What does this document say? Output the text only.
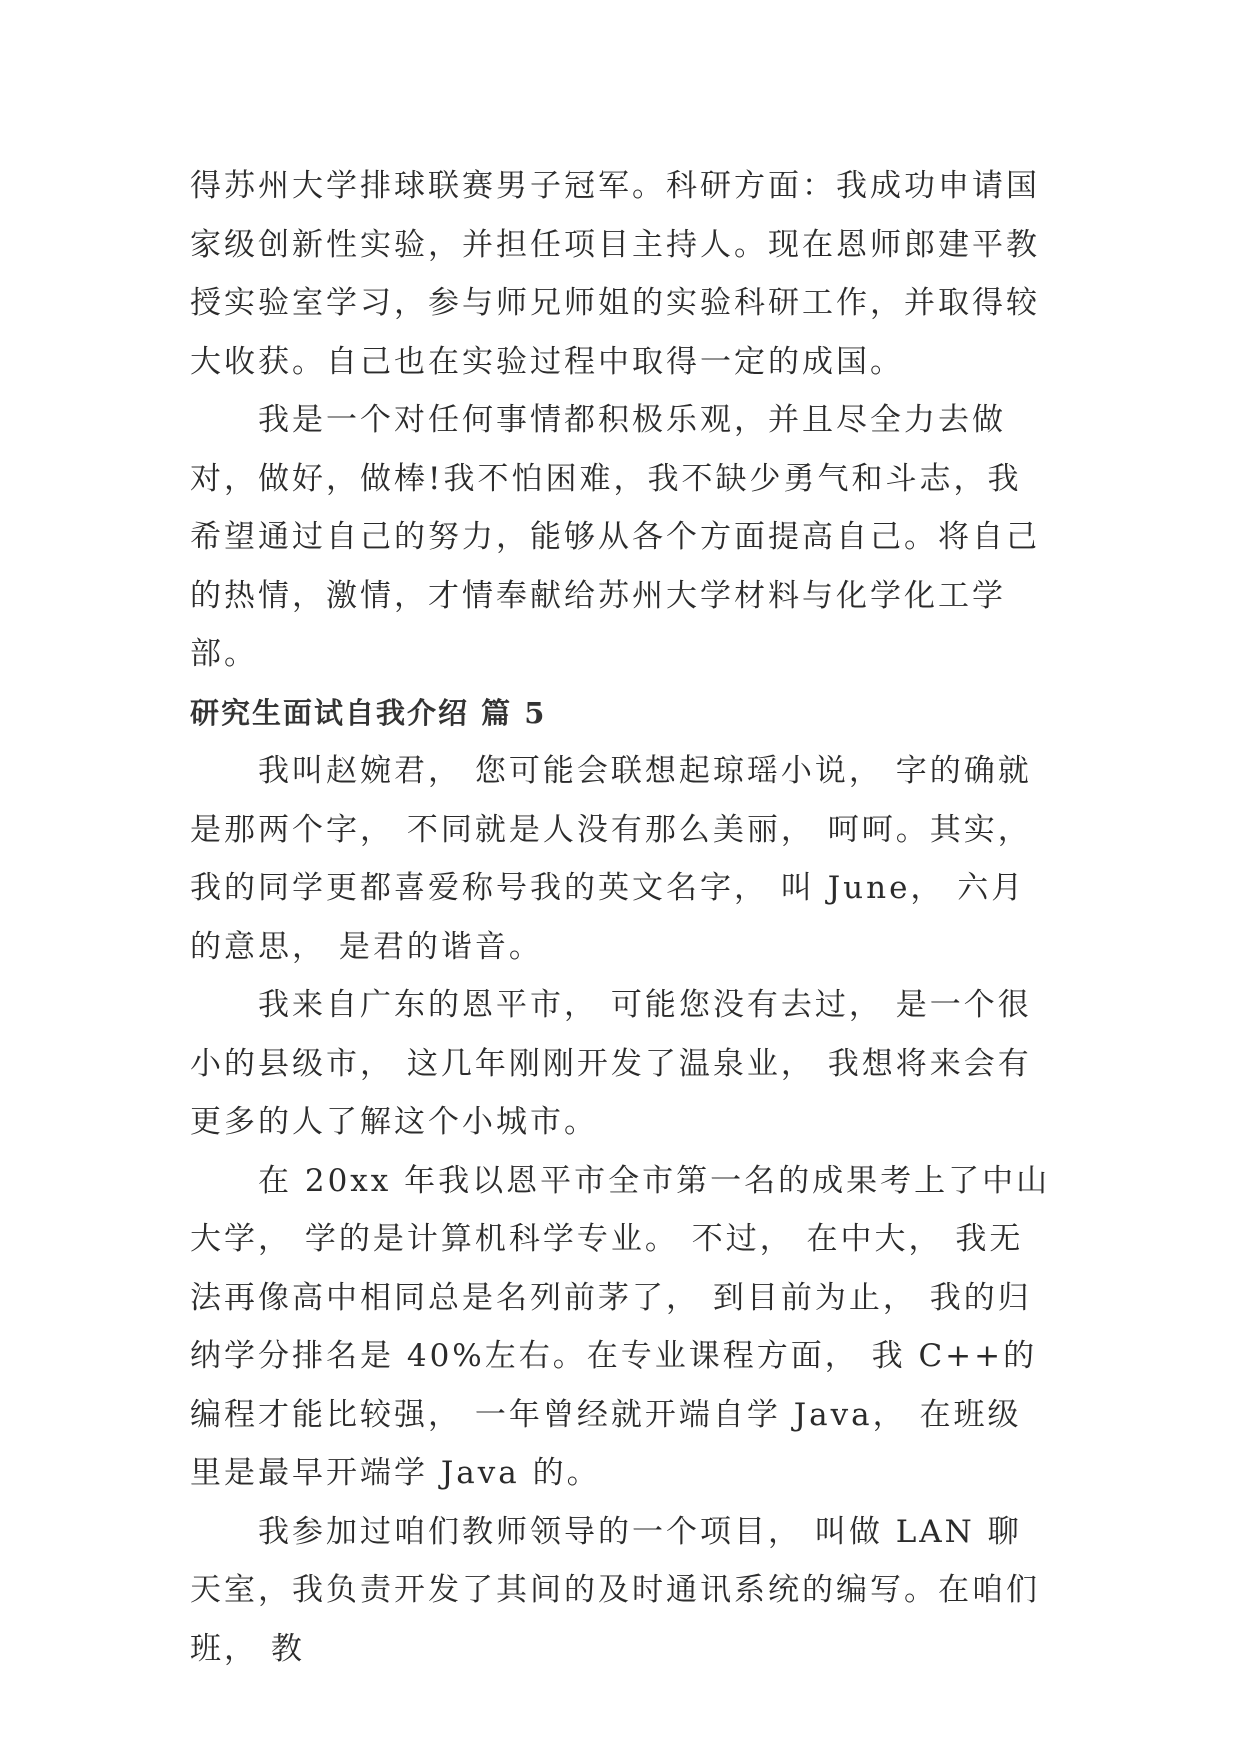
得苏州大学排球联赛男子冠军。科研方面：我成功申请国家级创新性实验，并担任项目主持人。现在恩师郎建平教授实验室学习，参与师兄师姐的实验科研工作，并取得较大收获。自己也在实验过程中取得一定的成国。

我是一个对任何事情都积极乐观，并且尽全力去做对，做好，做棒!我不怕困难，我不缺少勇气和斗志，我希望通过自己的努力，能够从各个方面提高自己。将自己的热情，激情，才情奉献给苏州大学材料与化学化工学部。

研究生面试自我介绍 篇 5

我叫赵婉君， 您可能会联想起琼瑶小说， 字的确就是那两个字， 不同就是人没有那么美丽， 呵呵。其实，我的同学更都喜爱称号我的英文名字， 叫 June， 六月的意思， 是君的谐音。

我来自广东的恩平市， 可能您没有去过， 是一个很小的县级市， 这几年刚刚开发了温泉业， 我想将来会有更多的人了解这个小城市。

在 20xx 年我以恩平市全市第一名的成果考上了中山大学， 学的是计算机科学专业。 不过， 在中大， 我无法再像高中相同总是名列前茅了， 到目前为止， 我的归纳学分排名是 40%左右。在专业课程方面， 我 C++的编程才能比较强， 一年曾经就开端自学 Java， 在班级里是最早开端学 Java 的。

我参加过咱们教师领导的一个项目， 叫做 LAN 聊天室，我负责开发了其间的及时通讯系统的编写。在咱们班， 教
